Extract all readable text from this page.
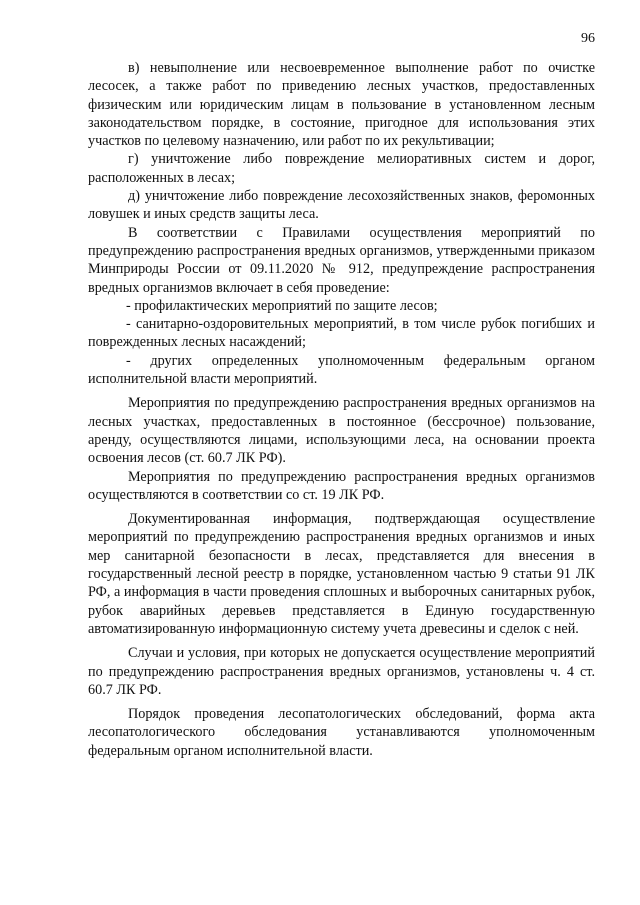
96

в) невыполнение или несвоевременное выполнение работ по очистке лесосек, а также работ по приведению лесных участков, предоставленных физическим или юридическим лицам в пользование в установленном лесным законодательством порядке, в состояние, пригодное для использования этих участков по целевому назначению, или работ по их рекультивации;

г) уничтожение либо повреждение мелиоративных систем и дорог, расположенных в лесах;

д) уничтожение либо повреждение лесохозяйственных знаков, феромонных ловушек и иных средств защиты леса.

В соответствии с Правилами осуществления мероприятий по предупреждению распространения вредных организмов, утвержденными приказом Минприроды России от 09.11.2020 № 912, предупреждение распространения вредных организмов включает в себя проведение:

- профилактических мероприятий по защите лесов;

- санитарно-оздоровительных мероприятий, в том числе рубок погибших и поврежденных лесных насаждений;

- других определенных уполномоченным федеральным органом исполнительной власти мероприятий.

Мероприятия по предупреждению распространения вредных организмов на лесных участках, предоставленных в постоянное (бессрочное) пользование, аренду, осуществляются лицами, использующими леса, на основании проекта освоения лесов (ст. 60.7 ЛК РФ).

Мероприятия по предупреждению распространения вредных организмов осуществляются в соответствии со ст. 19 ЛК РФ.

Документированная информация, подтверждающая осуществление мероприятий по предупреждению распространения вредных организмов и иных мер санитарной безопасности в лесах, представляется для внесения в государственный лесной реестр в порядке, установленном частью 9 статьи 91 ЛК РФ, а информация в части проведения сплошных и выборочных санитарных рубок, рубок аварийных деревьев представляется в Единую государственную автоматизированную информационную систему учета древесины и сделок с ней.

Случаи и условия, при которых не допускается осуществление мероприятий по предупреждению распространения вредных организмов, установлены ч. 4 ст. 60.7 ЛК РФ.

Порядок проведения лесопатологических обследований, форма акта лесопатологического обследования устанавливаются уполномоченным федеральным органом исполнительной власти.
